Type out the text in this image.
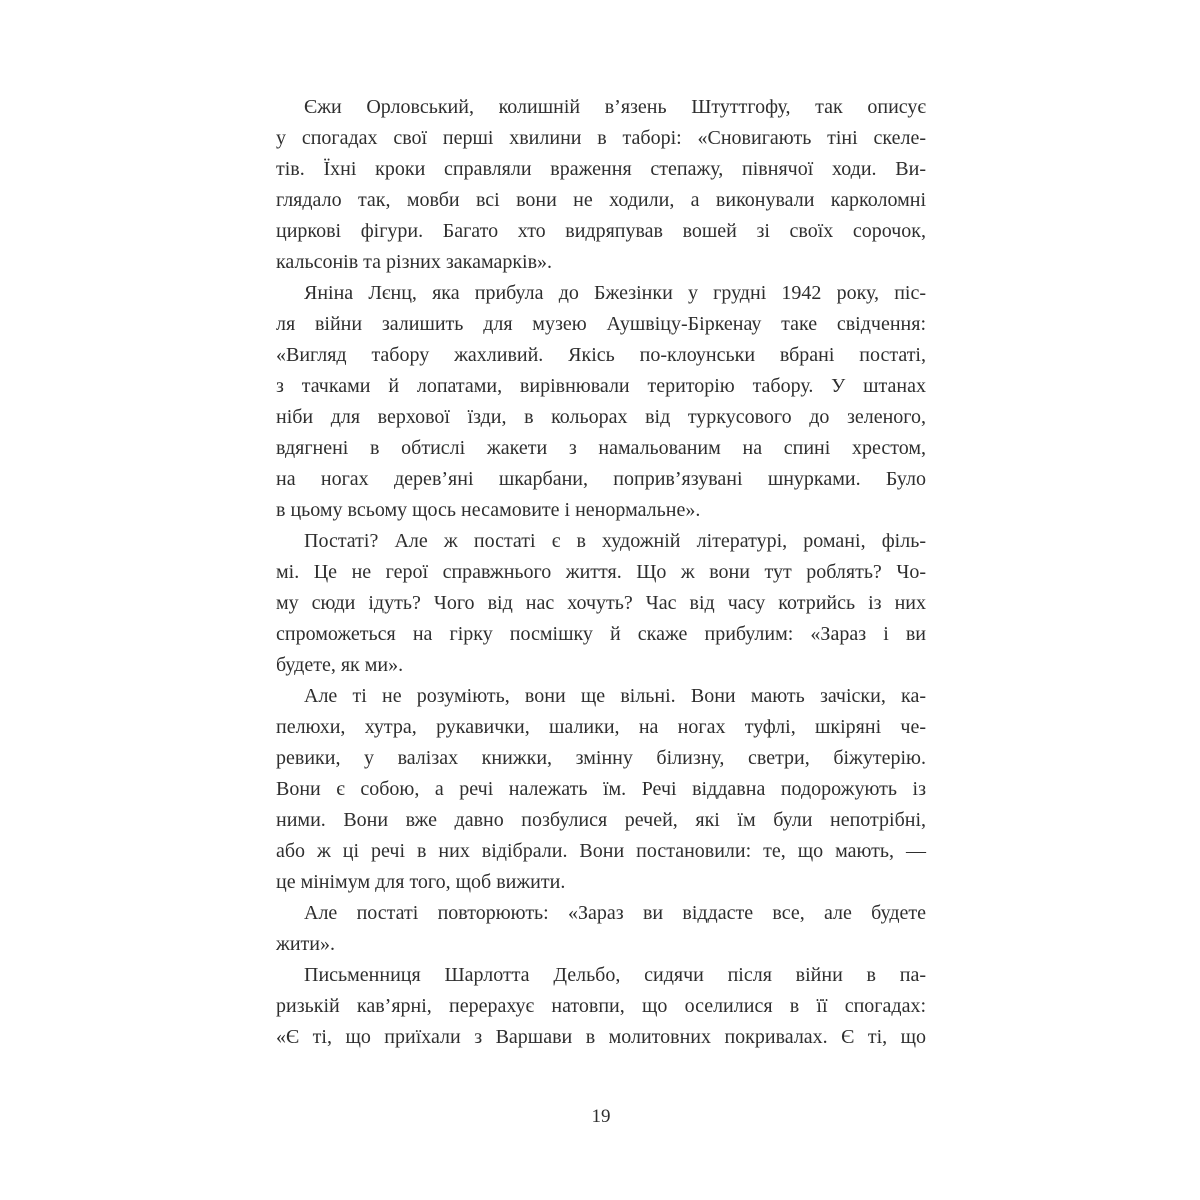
Єжи Орловський, колишній в’язень Штуттгофу, так описує
у спогадах свої перші хвилини в таборі: «Сновигають тіні скеле-
тів. Їхні кроки справляли враження степажу, півнячої ходи. Ви-
глядало так, мовби всі вони не ходили, а виконували карколомні
циркові фігури. Багато хто видряпував вошей зі своїх сорочок,
кальсонів та різних закамарків».
Яніна Лєнц, яка прибула до Бжезінки у грудні 1942 року, піс-
ля війни залишить для музею Аушвіцу-Біркенау таке свідчення:
«Вигляд табору жахливий. Якісь по-клоунськи вбрані постаті,
з тачками й лопатами, вирівнювали територію табору. У штанах
ніби для верхової їзди, в кольорах від туркусового до зеленого,
вдягнені в обтислі жакети з намальованим на спині хрестом,
на ногах дерев’яні шкарбани, поприв’язувані шнурками. Було
в цьому всьому щось несамовите і ненормальне».
Постаті? Але ж постаті є в художній літературі, романі, філь-
мі. Це не герої справжнього життя. Що ж вони тут роблять? Чо-
му сюди ідуть? Чого від нас хочуть? Час від часу котрийсь із них
спроможеться на гірку посмішку й скаже прибулим: «Зараз і ви
будете, як ми».
Але ті не розуміють, вони ще вільні. Вони мають зачіски, ка-
пелюхи, хутра, рукавички, шалики, на ногах туфлі, шкіряні че-
ревики, у валізах книжки, змінну білизну, светри, біжутерію.
Вони є собою, а речі належать їм. Речі віддавна подорожують із
ними. Вони вже давно позбулися речей, які їм були непотрібні,
або ж ці речі в них відібрали. Вони постановили: те, що мають, —
це мінімум для того, щоб вижити.
Але постаті повторюють: «Зараз ви віддасте все, але будете
жити».
Письменниця Шарлотта Дельбо, сидячи після війни в па-
ризькій кав’ярні, перерахує натовпи, що оселилися в її спогадах:
«Є ті, що приїхали з Варшави в молитовних покривалах. Є ті, що
19
